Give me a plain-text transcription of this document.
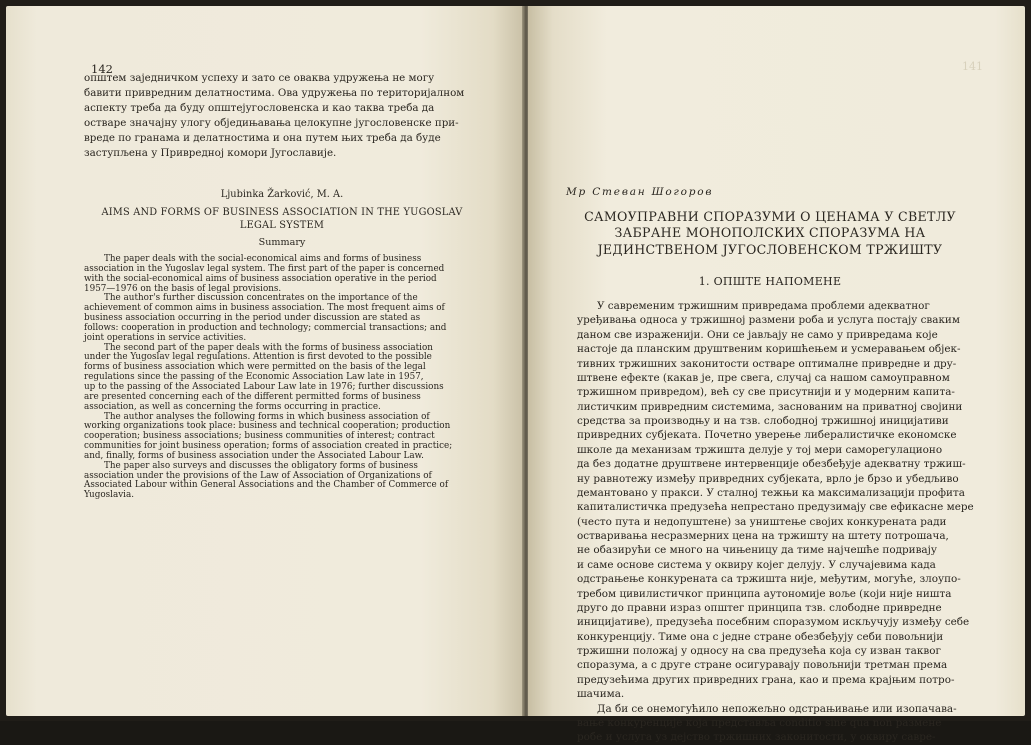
142	141
општем заједничком успеху и зато се оваква удружења не могу
бавити привредним делатностима. Ова удружења по територијалном
аспекту треба да буду општејугословенска и као таква треба да
остваре значајну улогу обједињавања целокупне југословенске при-
вреде по гранама и делатностима и она путем њих треба да буде
заступљена у Привредној комори Југославије.
Ljubinka Žarković, M. A.
AIMS AND FORMS OF BUSINESS ASSOCIATION IN THE YUGOSLAV
LEGAL SYSTEM
Summary
The paper deals with the social-economical aims and forms of business
association in the Yugoslav legal system. The first part of the paper is concerned
with the social-economical aims of business association operative in the period
1957—1976 on the basis of legal provisions.
The author's further discussion concentrates on the importance of the
achievement of common aims in business association. The most frequent aims of
business association occurring in the period under discussion are stated as
follows: cooperation in production and technology; commercial transactions; and
joint operations in service activities.
The second part of the paper deals with the forms of business association
under the Yugoslav legal regulations. Attention is first devoted to the possible
forms of business association which were permitted on the basis of the legal
regulations since the passing of the Economic Association Law late in 1957,
up to the passing of the Associated Labour Law late in 1976; further discussions
are presented concerning each of the different permitted forms of business
association, as well as concerning the forms occurring in practice.
The author analyses the following forms in which business association of
working organizations took place: business and technical cooperation; production
cooperation; business associations; business communities of interest; contract
communities for joint business operation; forms of association created in practice;
and, finally, forms of business association under the Associated Labour Law.
The paper also surveys and discusses the obligatory forms of business
association under the provisions of the Law of Association of Organizations of
Associated Labour within General Associations and the Chamber of Commerce of
Yugoslavia.
Мр Стеван Шогоров
САМОУПРАВНИ СПОРАЗУМИ О ЦЕНАМА У СВЕТЛУ
ЗАБРАНЕ МОНОПОЛСКИХ СПОРАЗУМА НА
ЈЕДИНСТВЕНОМ ЈУГОСЛОВЕНСКОМ ТРЖИШТУ
1. ОПШТЕ НАПОМЕНЕ
У савременим тржишним привредама проблеми адекватног
уређивања односа у тржишној размени роба и услуга постају сваким
даном све израженији. Они се јављају не само у привредама које
настоје да планским друштвеним коришћењем и усмеравањем објек-
тивних тржишних законитости остваре оптималне привредне и дру-
штвене ефекте (какав је, пре свега, случај са нашом самоуправном
тржишном привредом), већ су све присутнији и у модерним капита-
листичким привредним системима, заснованим на приватној својини
средства за производњу и на тзв. слободној тржишној иницијативи
привредних субјеката. Почетно уверење либералистичке економске
школе да механизам тржишта делује у тој мери саморегулационо
да без додатне друштвене интервенције обезбеђује адекватну тржиш-
ну равнотежу између привредних субјеката, врло је брзо и убедљиво
демантовано у пракси. У сталној тежњи ка максимализацији профита
капиталистичка предузећа непрестано предузимају све ефикасне мере
(често пута и недопуштене) за уништење својих конкурената ради
остваривања несразмерних цена на тржишту на штету потрошача,
не обазирући се много на чињеницу да тиме најчешће подривају
и саме основе система у оквиру којег делују. У случајевима када
одстрањење конкурената са тржишта није, међутим, могуће, злоупо-
требом цивилистичког принципа аутономије воље (који није ништа
друго до правни израз општег принципа тзв. слободне привредне
иницијативе), предузећа посебним споразумом искључују између себе
конкуренцију. Тиме она с једне стране обезбеђују себи повољнији
тржишни положај у односу на сва предузећа која су изван таквог
споразума, а с друге стране осигуравају повољнији третман према
предузећима других привредних грана, као и према крајњим потро-
шачима.
Да би се онемогућило непожељно одстрањивање или изопачава-
вање конкуренције која представља conditio sine qua non размене
робе и услуга уз дејство тржишних законитости, у оквиру савре-
